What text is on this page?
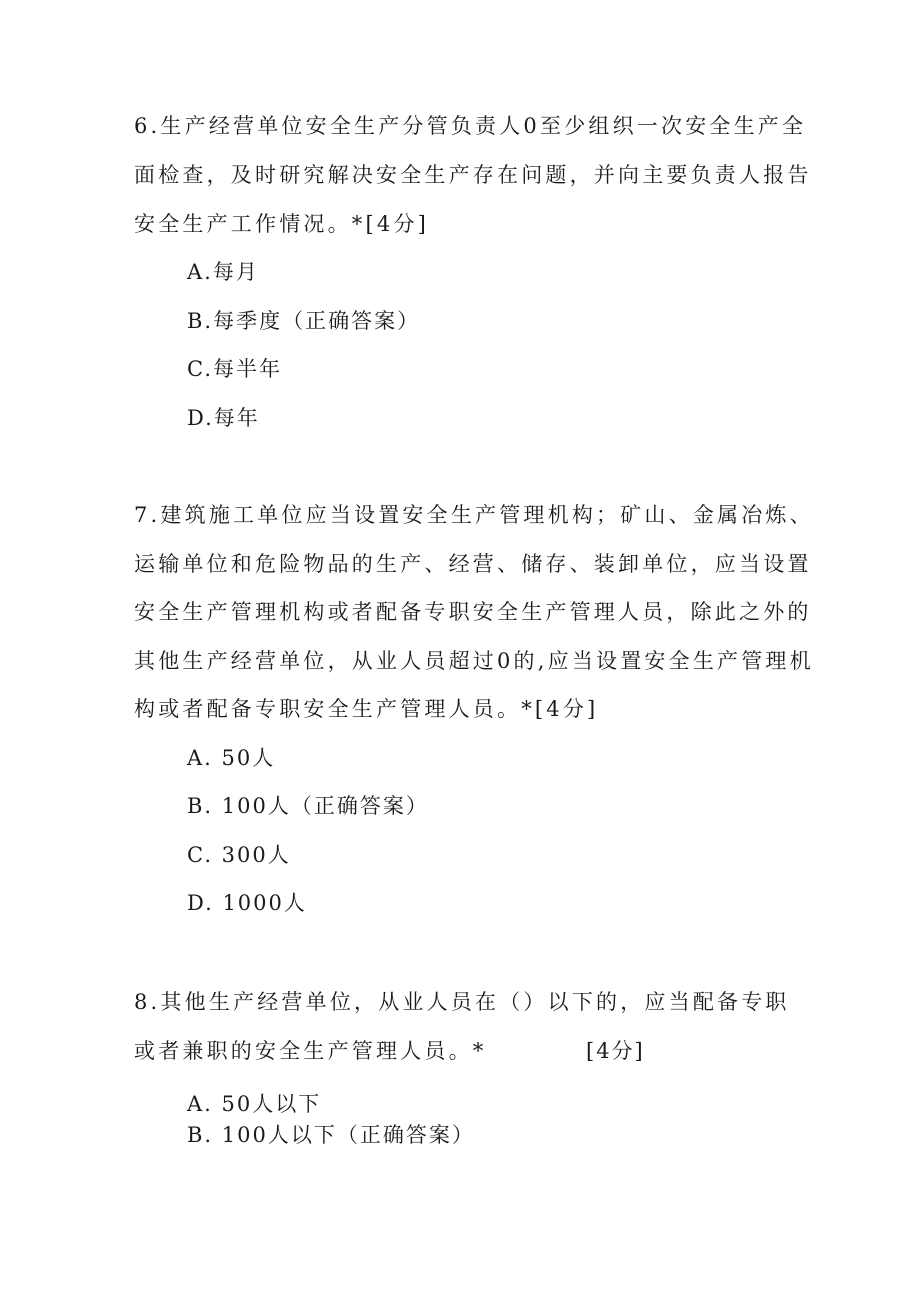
6.生产经营单位安全生产分管负责人0至少组织一次安全生产全
面检查，及时研究解决安全生产存在问题，并向主要负责人报告
安全生产工作情况。*[4分]
A.每月
B.每季度（正确答案）
C.每半年
D.每年
7.建筑施工单位应当设置安全生产管理机构；矿山、金属冶炼、
运输单位和危险物品的生产、经营、储存、装卸单位，应当设置
安全生产管理机构或者配备专职安全生产管理人员，除此之外的
其他生产经营单位，从业人员超过0的,应当设置安全生产管理机
构或者配备专职安全生产管理人员。*[4分]
A. 50人
B. 100人（正确答案）
C. 300人
D. 1000人
8.其他生产经营单位，从业人员在（）以下的，应当配备专职
或者兼职的安全生产管理人员。*	[4分]
A. 50人以下
B. 100人以下（正确答案）
